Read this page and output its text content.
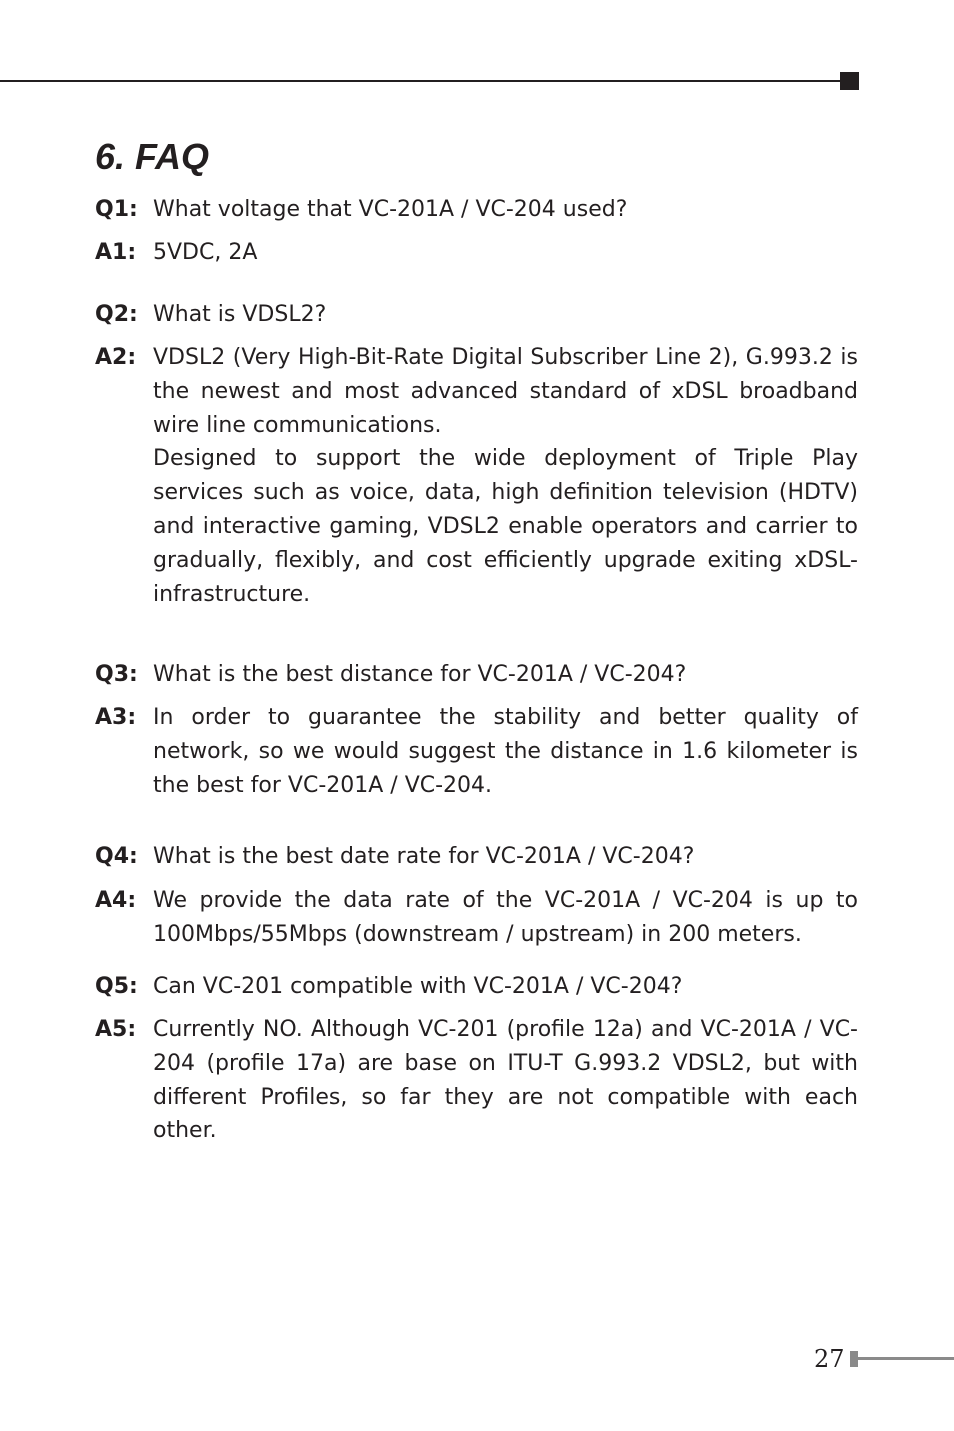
6. FAQ
Q1: What voltage that VC-201A / VC-204 used?
A1: 5VDC, 2A

Q2: What is VDSL2?
A2: VDSL2 (Very High-Bit-Rate Digital Subscriber Line 2), G.993.2 is the newest and most advanced standard of xDSL broadband wire line communications.

Designed to support the wide deployment of Triple Play services such as voice, data, high definition television (HDTV) and interactive gaming, VDSL2 enable operators and carrier to gradually, flexibly, and cost efficiently upgrade exiting xDSL-infrastructure.

Q3: What is the best distance for VC-201A / VC-204?
A3: In order to guarantee the stability and better quality of network, so we would suggest the distance in 1.6 kilometer is the best for VC-201A / VC-204.

Q4: What is the best date rate for VC-201A / VC-204?
A4: We provide the data rate of the VC-201A / VC-204 is up to 100Mbps/55Mbps (downstream / upstream) in 200 meters.

Q5: Can VC-201 compatible with VC-201A / VC-204?
A5: Currently NO. Although VC-201 (profile 12a) and VC-201A / VC-204 (profile 17a) are base on ITU-T G.993.2 VDSL2, but with different Profiles, so far they are not compatible with each other.

27
